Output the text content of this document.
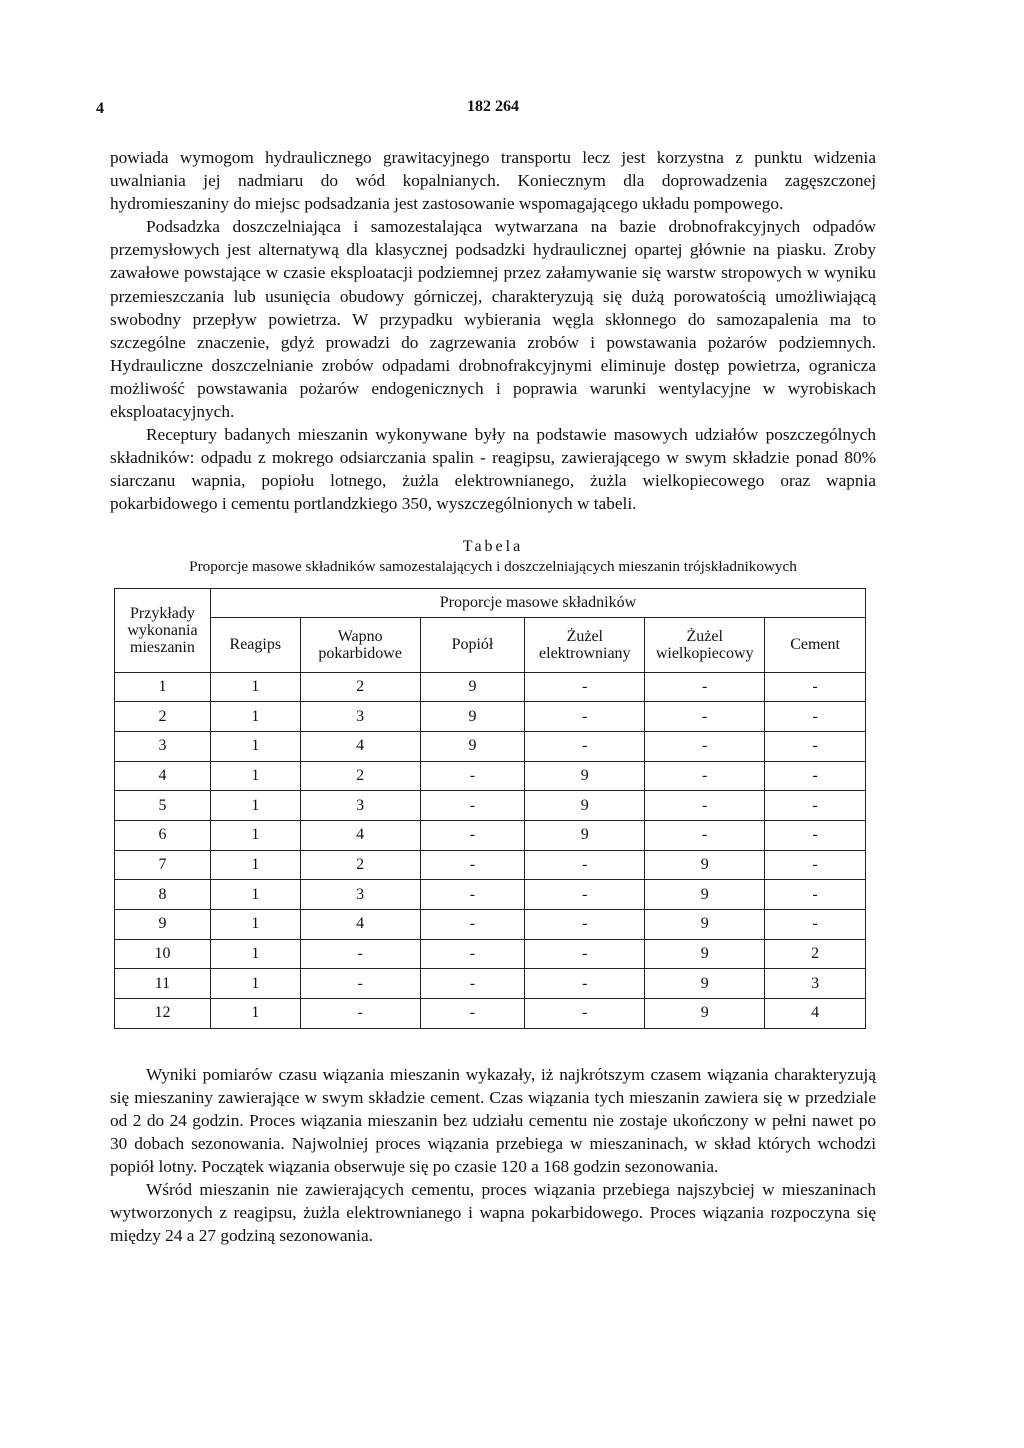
4	182 264

powiada wymogom hydraulicznego grawitacyjnego transportu lecz jest korzystna z punktu widzenia uwalniania jej nadmiaru do wód kopalnianych. Koniecznym dla doprowadzenia zagęszczonej hydromieszaniny do miejsc podsadzania jest zastosowanie wspomagającego układu pompowego.

Podsadzka doszczelniająca i samozestalająca wytwarzana na bazie drobnofrakcyjnych odpadów przemysłowych jest alternatywą dla klasycznej podsadzki hydraulicznej opartej głównie na piasku. Zroby zawałowe powstające w czasie eksploatacji podziemnej przez załamywanie się warstw stropowych w wyniku przemieszczania lub usunięcia obudowy górniczej, charakteryzują się dużą porowatością umożliwiającą swobodny przepływ powietrza. W przypadku wybierania węgla skłonnego do samozapalenia ma to szczególne znaczenie, gdyż prowadzi do zagrzewania zrobów i powstawania pożarów podziemnych. Hydrauliczne doszczelnianie zrobów odpadami drobnofrakcyjnymi eliminuje dostęp powietrza, ogranicza możliwość powstawania pożarów endogenicznych i poprawia warunki wentylacyjne w wyrobiskach eksploatacyjnych.

Receptury badanych mieszanin wykonywane były na podstawie masowych udziałów poszczególnych składników: odpadu z mokrego odsiarczania spalin - reagipsu, zawierającego w swym składzie ponad 80% siarczanu wapnia, popiołu lotnego, żużla elektrownianego, żużla wielkopiecowego oraz wapnia pokarbidowego i cementu portlandzkiego 350, wyszczególnionych w tabeli.

Tabela
Proporcje masowe składników samozestalających i doszczelniających mieszanin trójskładnikowych
Przykłady wykonania mieszanin	Proporcje masowe składników					
	Reagips	Wapno pokarbidowe	Popiół	Żużel elektrowniany	Żużel wielkopiecowy	Cement
1	1	2	9	-	-	-
2	1	3	9	-	-	-
3	1	4	9	-	-	-
4	1	2	-	9	-	-
5	1	3	-	9	-	-
6	1	4	-	9	-	-
7	1	2	-	-	9	-
8	1	3	-	-	9	-
9	1	4	-	-	9	-
10	1	-	-	-	9	2
11	1	-	-	-	9	3
12	1	-	-	-	9	4

Wyniki pomiarów czasu wiązania mieszanin wykazały, iż najkrótszym czasem wiązania charakteryzują się mieszaniny zawierające w swym składzie cement. Czas wiązania tych mieszanin zawiera się w przedziale od 2 do 24 godzin. Proces wiązania mieszanin bez udziału cementu nie zostaje ukończony w pełni nawet po 30 dobach sezonowania. Najwolniej proces wiązania przebiega w mieszaninach, w skład których wchodzi popiół lotny. Początek wiązania obserwuje się po czasie 120 a 168 godzin sezonowania.

Wśród mieszanin nie zawierających cementu, proces wiązania przebiega najszybciej w mieszaninach wytworzonych z reagipsu, żużla elektrownianego i wapna pokarbidowego. Proces wiązania rozpoczyna się między 24 a 27 godziną sezonowania.
